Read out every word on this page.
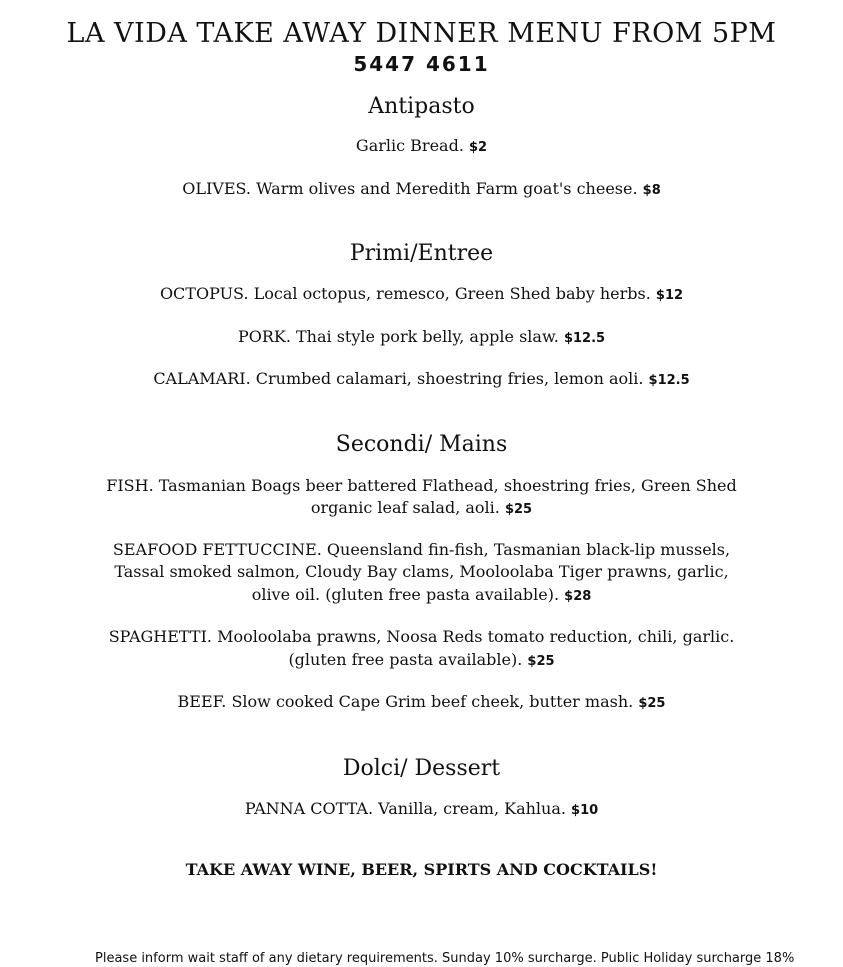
LA VIDA TAKE AWAY DINNER MENU FROM 5PM

5447 4611

Antipasto

Garlic Bread. $2

OLIVES. Warm olives and Meredith Farm goat's cheese. $8

Primi/Entree

OCTOPUS. Local octopus, remesco, Green Shed baby herbs. $12

PORK. Thai style pork belly, apple slaw. $12.5

CALAMARI. Crumbed calamari, shoestring fries, lemon aoli. $12.5

Secondi/ Mains

FISH. Tasmanian Boags beer battered Flathead, shoestring fries, Green Shed organic leaf salad, aoli. $25

SEAFOOD FETTUCCINE. Queensland fin-fish, Tasmanian black-lip mussels, Tassal smoked salmon, Cloudy Bay clams, Mooloolaba Tiger prawns, garlic, olive oil. (gluten free pasta available). $28

SPAGHETTI. Mooloolaba prawns, Noosa Reds tomato reduction, chili, garlic. (gluten free pasta available). $25

BEEF. Slow cooked Cape Grim beef cheek, butter mash. $25

Dolci/ Dessert

PANNA COTTA. Vanilla, cream, Kahlua. $10

TAKE AWAY WINE, BEER, SPIRTS AND COCKTAILS!

Please inform wait staff of any dietary requirements. Sunday 10% surcharge. Public Holiday surcharge 18%
